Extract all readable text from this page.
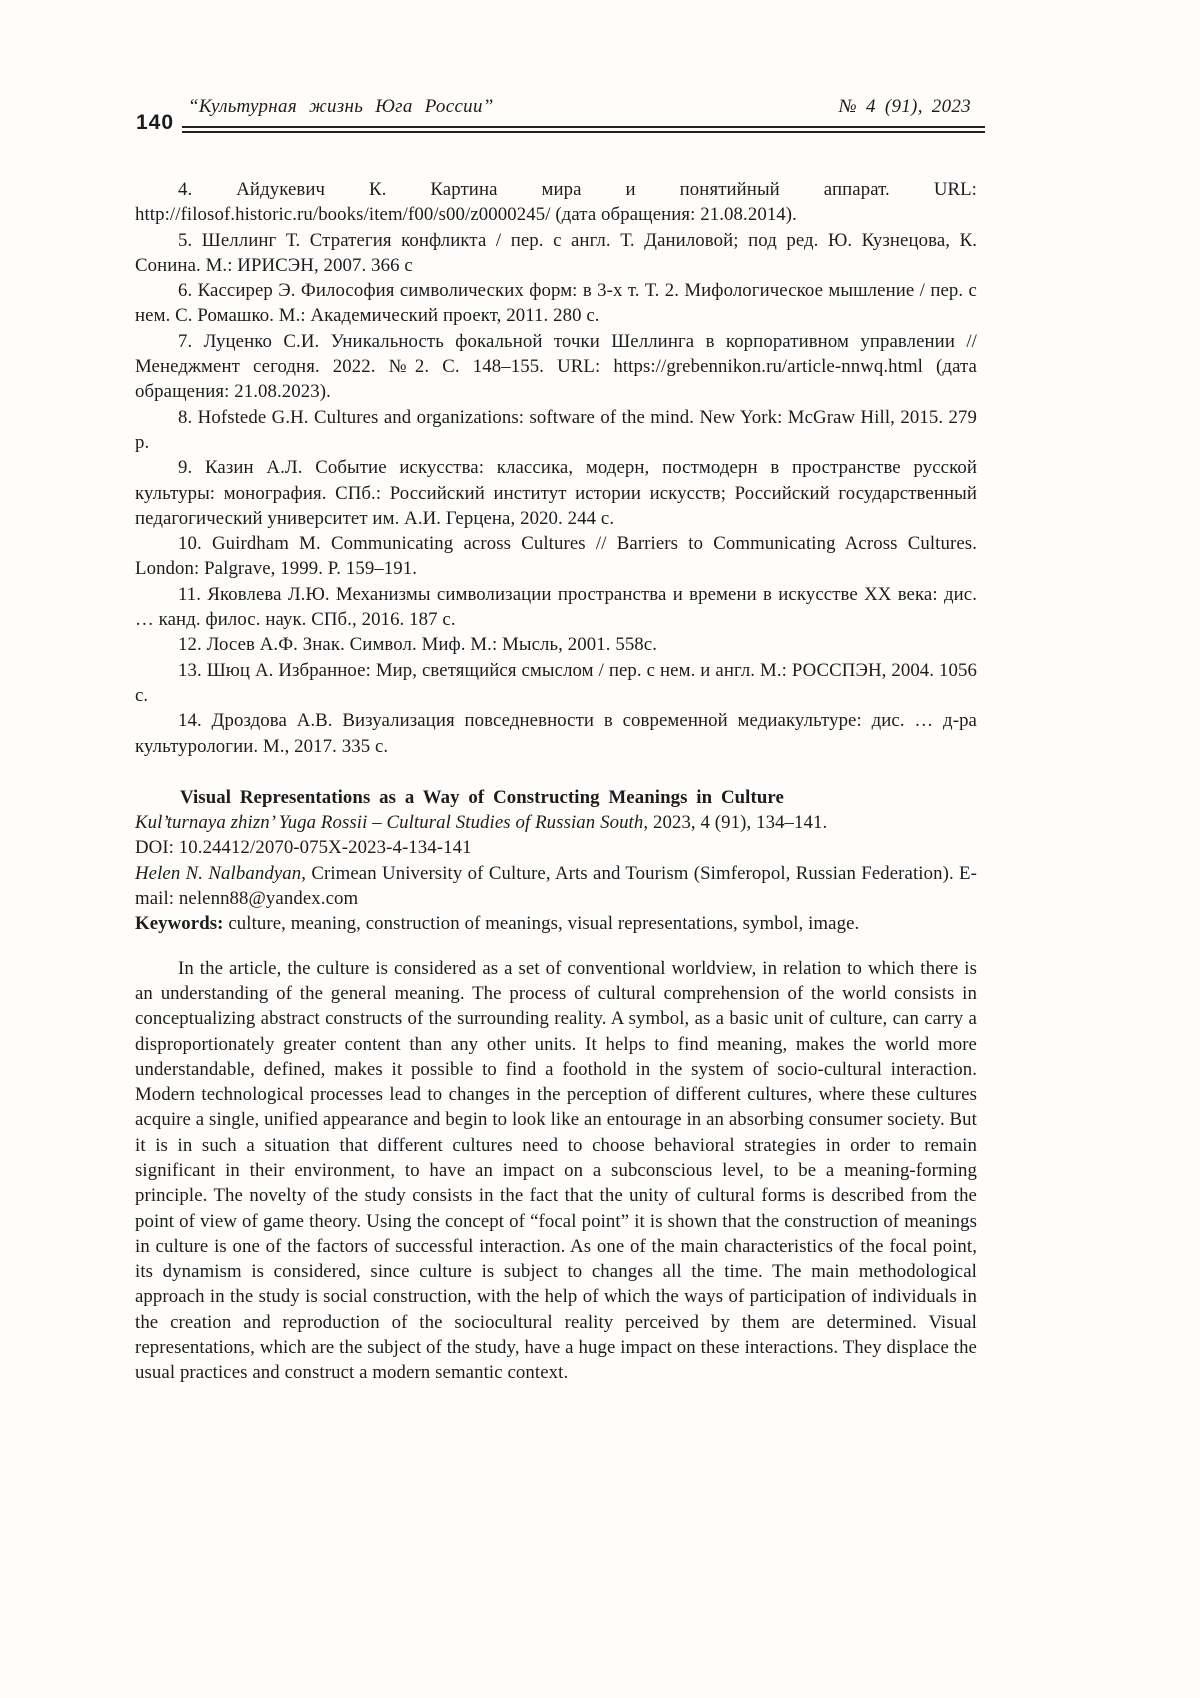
140
“Культурная жизнь Юга России”	№ 4 (91), 2023

4. Айдукевич К. Картина мира и понятийный аппарат. URL: http://filosof.historic.ru/books/item/f00/s00/z0000245/ (дата обращения: 21.08.2014).

5. Шеллинг Т. Стратегия конфликта / пер. с англ. Т. Даниловой; под ред. Ю. Кузнецова, К. Сонина. М.: ИРИСЭН, 2007. 366 с

6. Кассирер Э. Философия символических форм: в 3-х т. Т. 2. Мифологическое мышление / пер. с нем. С. Ромашко. М.: Академический проект, 2011. 280 с.

7. Луценко С.И. Уникальность фокальной точки Шеллинга в корпоративном управлении // Менеджмент сегодня. 2022. №2. С. 148–155. URL: https://grebennikon.ru/article-nnwq.html (дата обращения: 21.08.2023).

8. Hofstede G.H. Cultures and organizations: software of the mind. New York: McGraw Hill, 2015. 279 p.

9. Казин А.Л. Событие искусства: классика, модерн, постмодерн в пространстве русской культуры: монография. СПб.: Российский институт истории искусств; Российский государственный педагогический университет им. А.И. Герцена, 2020. 244 с.

10. Guirdham M. Communicating across Cultures // Barriers to Communicating Across Cultures. London: Palgrave, 1999. P. 159–191.

11. Яковлева Л.Ю. Механизмы символизации пространства и времени в искусстве XX века: дис. … канд. филос. наук. СПб., 2016. 187 с.

12. Лосев А.Ф. Знак. Символ. Миф. М.: Мысль, 2001. 558с.

13. Шюц А. Избранное: Мир, светящийся смыслом / пер. с нем. и англ. М.: РОССПЭН, 2004. 1056 с.

14. Дроздова А.В. Визуализация повседневности в современной медиакультуре: дис. … д-ра культурологии. М., 2017. 335 с.

Visual Representations as a Way of Constructing Meanings in Culture

Kul’turnaya zhizn’ Yuga Rossii – Cultural Studies of Russian South, 2023, 4 (91), 134–141.

DOI: 10.24412/2070-075X-2023-4-134-141

Helen N. Nalbandyan, Crimean University of Culture, Arts and Tourism (Simferopol, Russian Federation). E-mail: nelenn88@yandex.com

Keywords: culture, meaning, construction of meanings, visual representations, symbol, image.

In the article, the culture is considered as a set of conventional worldview, in relation to which there is an understanding of the general meaning. The process of cultural comprehension of the world consists in conceptualizing abstract constructs of the surrounding reality. A symbol, as a basic unit of culture, can carry a disproportionately greater content than any other units. It helps to find meaning, makes the world more understandable, defined, makes it possible to find a foothold in the system of socio-cultural interaction. Modern technological processes lead to changes in the perception of different cultures, where these cultures acquire a single, unified appearance and begin to look like an entourage in an absorbing consumer society. But it is in such a situation that different cultures need to choose behavioral strategies in order to remain significant in their environment, to have an impact on a subconscious level, to be a meaning-forming principle. The novelty of the study consists in the fact that the unity of cultural forms is described from the point of view of game theory. Using the concept of “focal point” it is shown that the construction of meanings in culture is one of the factors of successful interaction. As one of the main characteristics of the focal point, its dynamism is considered, since culture is subject to changes all the time. The main methodological approach in the study is social construction, with the help of which the ways of participation of individuals in the creation and reproduction of the sociocultural reality perceived by them are determined. Visual representations, which are the subject of the study, have a huge impact on these interactions. They displace the usual practices and construct a modern semantic context.
